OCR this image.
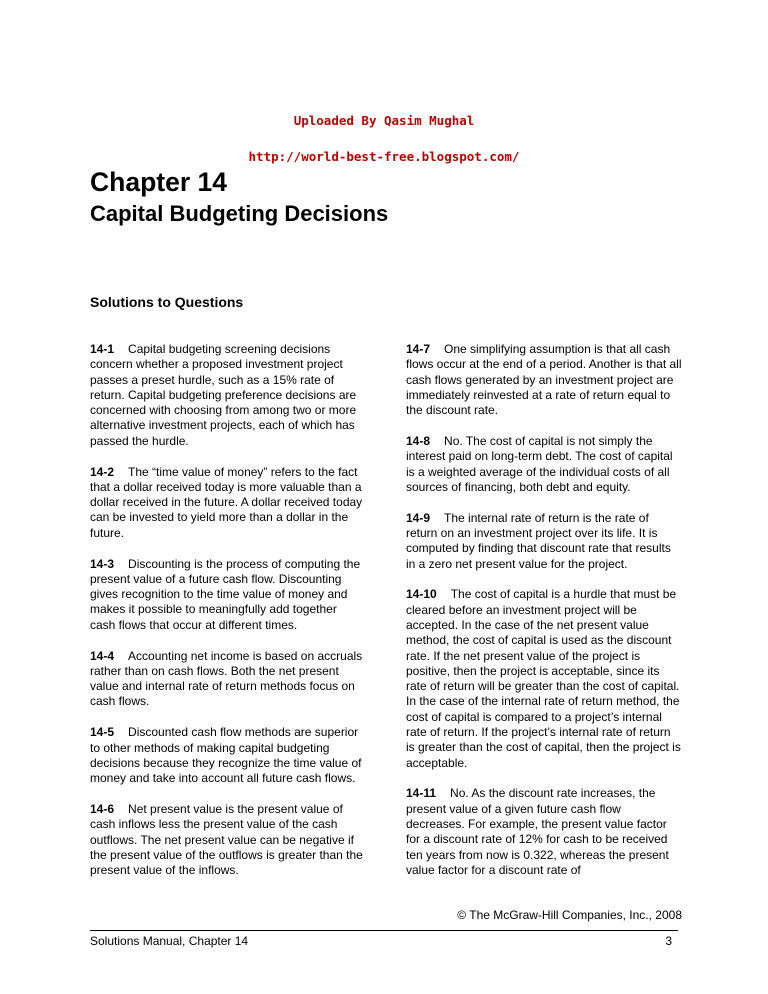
Uploaded By Qasim Mughal
http://world-best-free.blogspot.com/
Chapter 14
Capital Budgeting Decisions
Solutions to Questions

14-1 Capital budgeting screening decisions concern whether a proposed investment project passes a preset hurdle, such as a 15% rate of return. Capital budgeting preference decisions are concerned with choosing from among two or more alternative investment projects, each of which has passed the hurdle.

14-2 The “time value of money” refers to the fact that a dollar received today is more valuable than a dollar received in the future. A dollar received today can be invested to yield more than a dollar in the future.

14-3 Discounting is the process of computing the present value of a future cash flow. Discounting gives recognition to the time value of money and makes it possible to meaningfully add together cash flows that occur at different times.

14-4 Accounting net income is based on accruals rather than on cash flows. Both the net present value and internal rate of return methods focus on cash flows.

14-5 Discounted cash flow methods are superior to other methods of making capital budgeting decisions because they recognize the time value of money and take into account all future cash flows.

14-6 Net present value is the present value of cash inflows less the present value of the cash outflows. The net present value can be negative if the present value of the outflows is greater than the present value of the inflows.

14-7 One simplifying assumption is that all cash flows occur at the end of a period. Another is that all cash flows generated by an investment project are immediately reinvested at a rate of return equal to the discount rate.

14-8 No. The cost of capital is not simply the interest paid on long-term debt. The cost of capital is a weighted average of the individual costs of all sources of financing, both debt and equity.

14-9 The internal rate of return is the rate of return on an investment project over its life. It is computed by finding that discount rate that results in a zero net present value for the project.

14-10 The cost of capital is a hurdle that must be cleared before an investment project will be accepted. In the case of the net present value method, the cost of capital is used as the discount rate. If the net present value of the project is positive, then the project is acceptable, since its rate of return will be greater than the cost of capital. In the case of the internal rate of return method, the cost of capital is compared to a project’s internal rate of return. If the project’s internal rate of return is greater than the cost of capital, then the project is acceptable.

14-11 No. As the discount rate increases, the present value of a given future cash flow decreases. For example, the present value factor for a discount rate of 12% for cash to be received ten years from now is 0.322, whereas the present value factor for a discount rate of

© The McGraw-Hill Companies, Inc., 2008
Solutions Manual, Chapter 14	3
